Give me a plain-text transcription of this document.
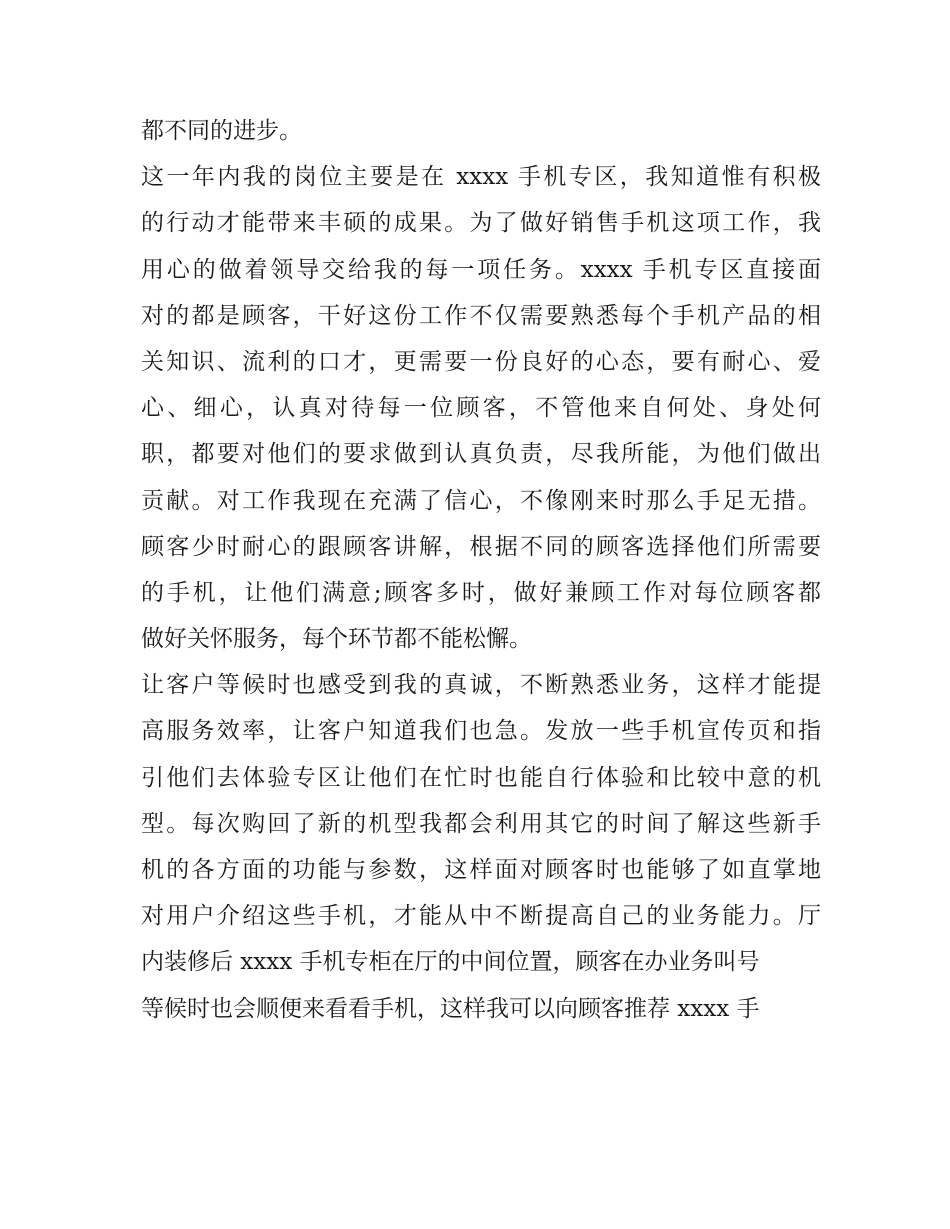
都不同的进步。
这一年内我的岗位主要是在 xxxx 手机专区，我知道惟有积极
的行动才能带来丰硕的成果。为了做好销售手机这项工作，我
用心的做着领导交给我的每一项任务。xxxx 手机专区直接面
对的都是顾客，干好这份工作不仅需要熟悉每个手机产品的相
关知识、流利的口才，更需要一份良好的心态，要有耐心、爱
心、细心，认真对待每一位顾客，不管他来自何处、身处何
职，都要对他们的要求做到认真负责，尽我所能，为他们做出
贡献。对工作我现在充满了信心，不像刚来时那么手足无措。
顾客少时耐心的跟顾客讲解，根据不同的顾客选择他们所需要
的手机，让他们满意;顾客多时，做好兼顾工作对每位顾客都
做好关怀服务，每个环节都不能松懈。
让客户等候时也感受到我的真诚，不断熟悉业务，这样才能提
高服务效率，让客户知道我们也急。发放一些手机宣传页和指
引他们去体验专区让他们在忙时也能自行体验和比较中意的机
型。每次购回了新的机型我都会利用其它的时间了解这些新手
机的各方面的功能与参数，这样面对顾客时也能够了如直掌地
对用户介绍这些手机，才能从中不断提高自己的业务能力。厅
内装修后 xxxx 手机专柜在厅的中间位置，顾客在办业务叫号
等候时也会顺便来看看手机，这样我可以向顾客推荐 xxxx 手
